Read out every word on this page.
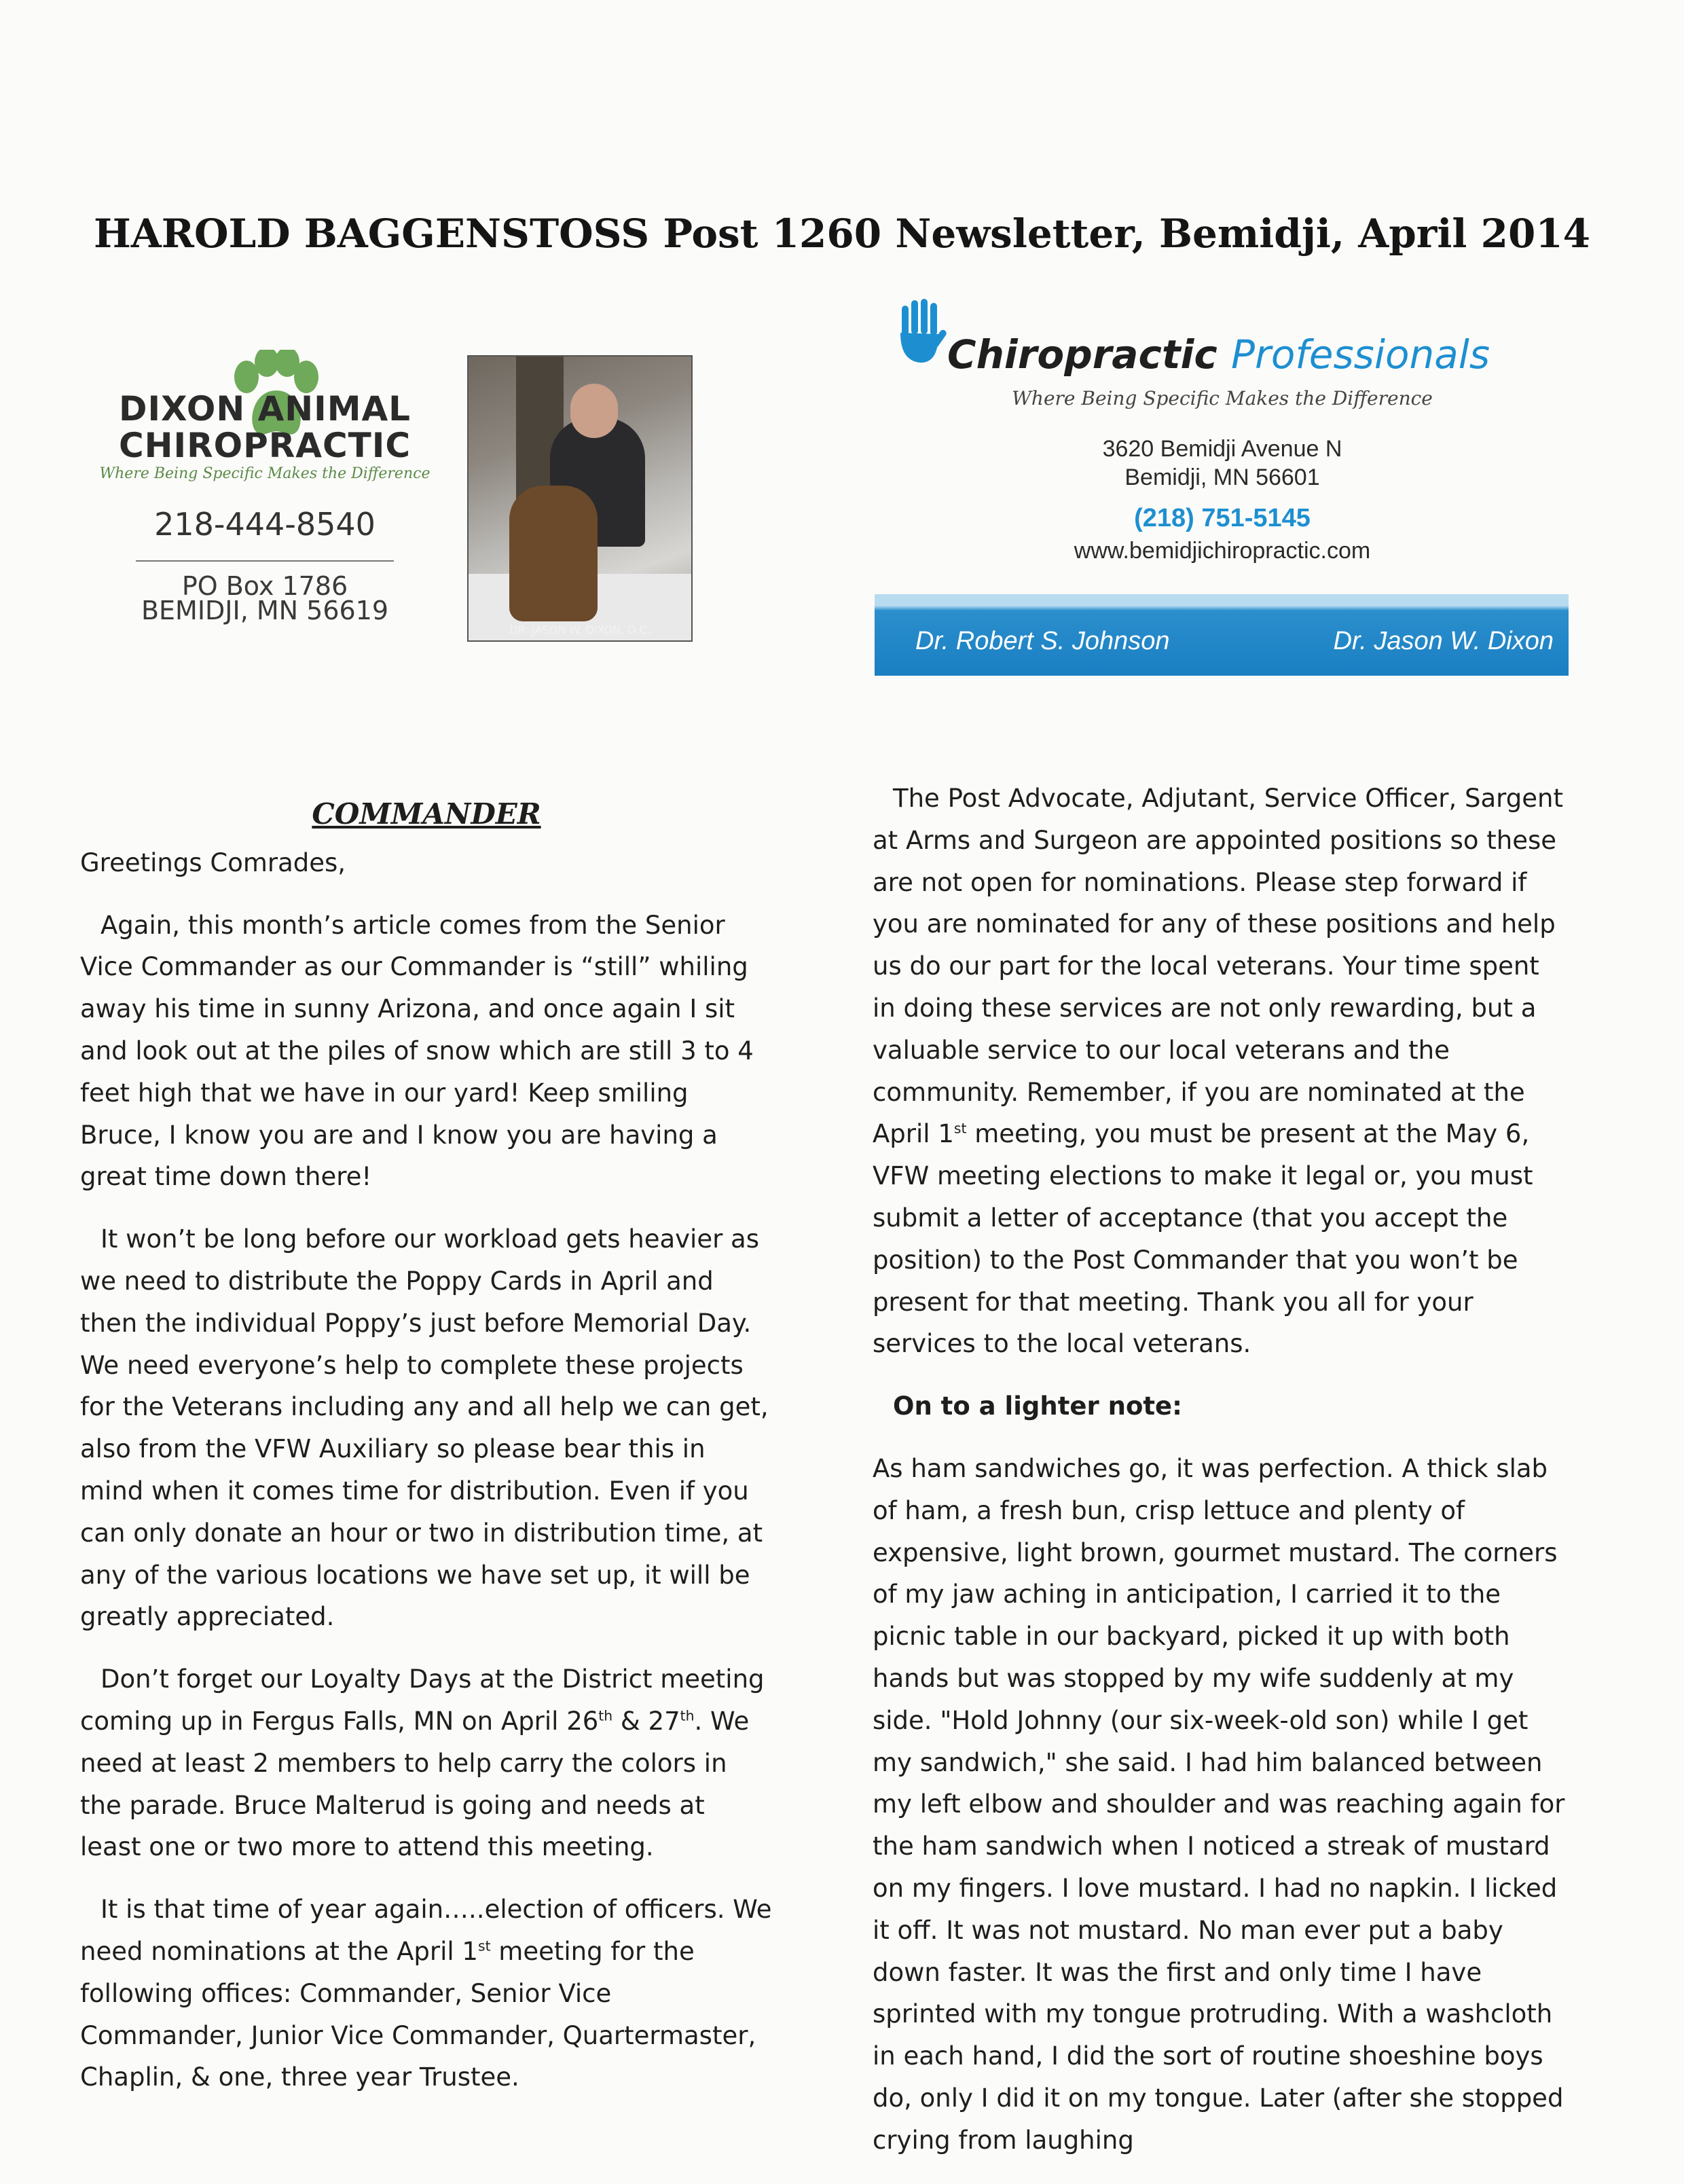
HAROLD BAGGENSTOSS Post 1260 Newsletter, Bemidji, April 2014
DIXON ANIMAL
CHIROPRACTIC
Where Being Specific Makes the Difference
218-444-8540
PO Box 1786
BEMIDJI, MN 56619
DR. JASON W. DIXON, D.C.
Chiropractic Professionals
Where Being Specific Makes the Difference
3620 Bemidji Avenue N
Bemidji, MN 56601
(218) 751-5145
www.bemidjichiropractic.com
Dr. Robert S. Johnson	Dr. Jason W. Dixon
COMMANDER

Greetings Comrades,

Again, this month’s article comes from the Senior Vice Commander as our Commander is “still” whiling away his time in sunny Arizona, and once again I sit and look out at the piles of snow which are still 3 to 4 feet high that we have in our yard! Keep smiling Bruce, I know you are and I know you are having a great time down there!

It won’t be long before our workload gets heavier as we need to distribute the Poppy Cards in April and then the individual Poppy’s just before Memorial Day. We need everyone’s help to complete these projects for the Veterans including any and all help we can get, also from the VFW Auxiliary so please bear this in mind when it comes time for distribution. Even if you can only donate an hour or two in distribution time, at any of the various locations we have set up, it will be greatly appreciated.

Don’t forget our Loyalty Days at the District meeting coming up in Fergus Falls, MN on April 26th & 27th. We need at least 2 members to help carry the colors in the parade. Bruce Malterud is going and needs at least one or two more to attend this meeting.

It is that time of year again…..election of officers. We need nominations at the April 1st meeting for the following offices: Commander, Senior Vice Commander, Junior Vice Commander, Quartermaster, Chaplin, & one, three year Trustee.

The Post Advocate, Adjutant, Service Officer, Sargent at Arms and Surgeon are appointed positions so these are not open for nominations. Please step forward if you are nominated for any of these positions and help us do our part for the local veterans. Your time spent in doing these services are not only rewarding, but a valuable service to our local veterans and the community. Remember, if you are nominated at the April 1st meeting, you must be present at the May 6, VFW meeting elections to make it legal or, you must submit a letter of acceptance (that you accept the position) to the Post Commander that you won’t be present for that meeting. Thank you all for your services to the local veterans.

On to a lighter note:

As ham sandwiches go, it was perfection. A thick slab of ham, a fresh bun, crisp lettuce and plenty of expensive, light brown, gourmet mustard. The corners of my jaw aching in anticipation, I carried it to the picnic table in our backyard, picked it up with both hands but was stopped by my wife suddenly at my side. "Hold Johnny (our six-week-old son) while I get my sandwich," she said. I had him balanced between my left elbow and shoulder and was reaching again for the ham sandwich when I noticed a streak of mustard on my fingers. I love mustard. I had no napkin. I licked it off. It was not mustard. No man ever put a baby down faster. It was the first and only time I have sprinted with my tongue protruding. With a washcloth in each hand, I did the sort of routine shoeshine boys do, only I did it on my tongue. Later (after she stopped crying from laughing
